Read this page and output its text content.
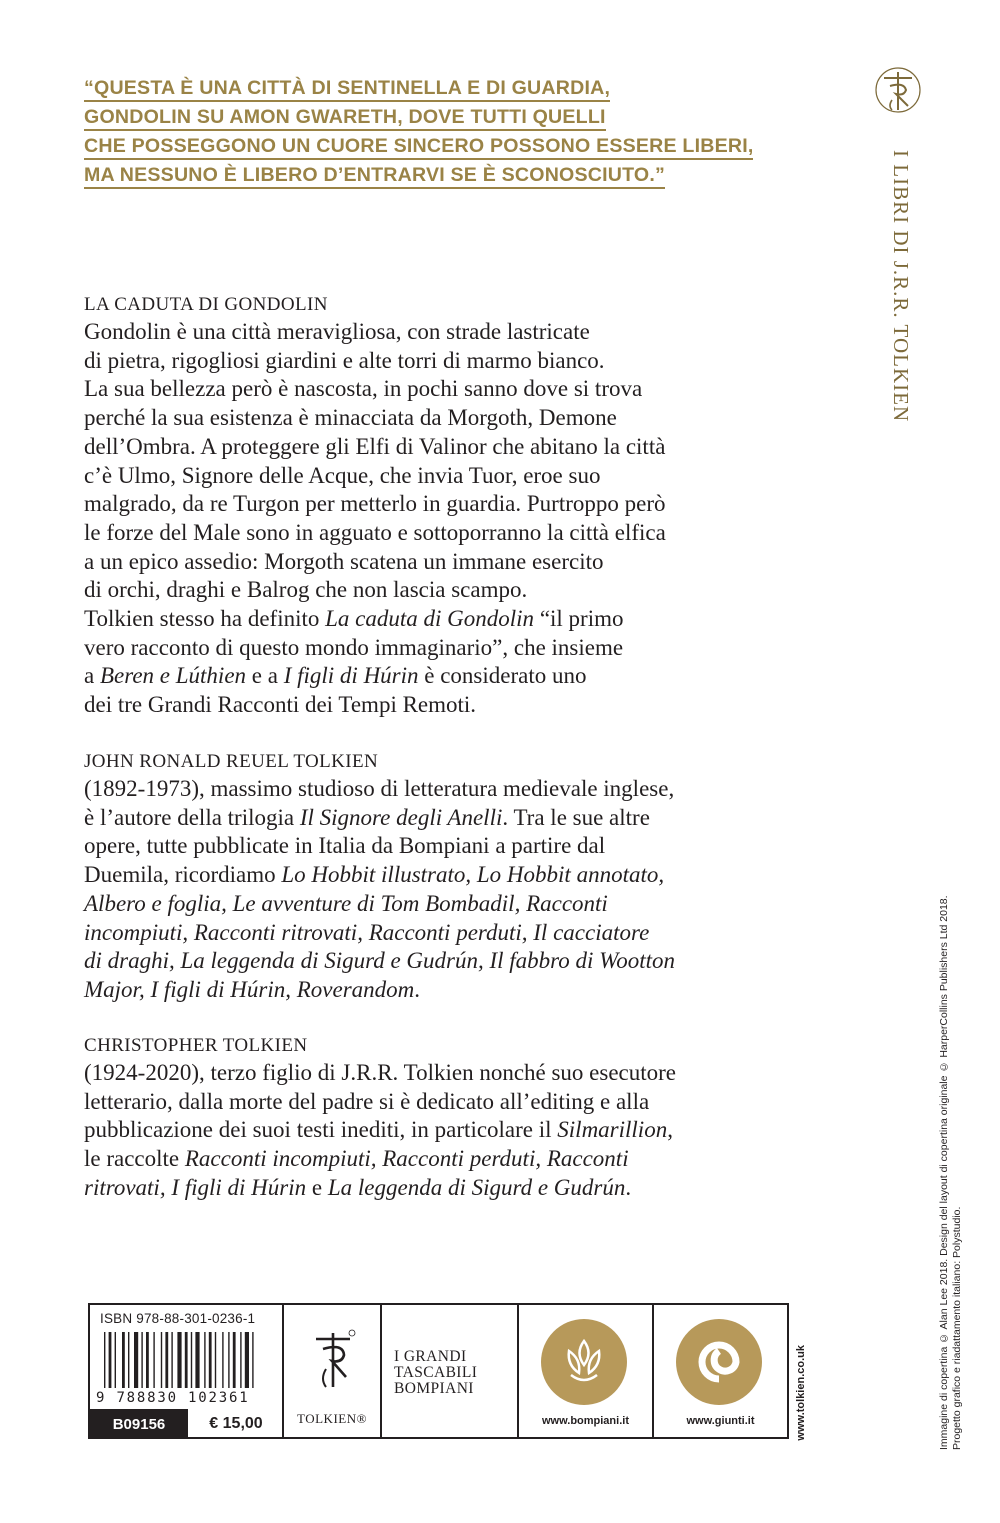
“QUESTA È UNA CITTÀ DI SENTINELLA E DI GUARDIA,
GONDOLIN SU AMON GWARETH, DOVE TUTTI QUELLI
CHE POSSEGGONO UN CUORE SINCERO POSSONO ESSERE LIBERI,
MA NESSUNO È LIBERO D’ENTRARVI SE È SCONOSCIUTO.”	I LIBRI DI J.R.R. TOLKIEN
LA CADUTA DI GONDOLIN
Gondolin è una città meravigliosa, con strade lastricate
di pietra, rigogliosi giardini e alte torri di marmo bianco.
La sua bellezza però è nascosta, in pochi sanno dove si trova
perché la sua esistenza è minacciata da Morgoth, Demone
dell’Ombra. A proteggere gli Elfi di Valinor che abitano la città
c’è Ulmo, Signore delle Acque, che invia Tuor, eroe suo
malgrado, da re Turgon per metterlo in guardia. Purtroppo però
le forze del Male sono in agguato e sottoporranno la città elfica
a un epico assedio: Morgoth scatena un immane esercito
di orchi, draghi e Balrog che non lascia scampo.
Tolkien stesso ha definito La caduta di Gondolin “il primo
vero racconto di questo mondo immaginario”, che insieme
a Beren e Lúthien e a I figli di Húrin è considerato uno
dei tre Grandi Racconti dei Tempi Remoti.
JOHN RONALD REUEL TOLKIEN
(1892-1973), massimo studioso di letteratura medievale inglese,
è l’autore della trilogia Il Signore degli Anelli. Tra le sue altre
opere, tutte pubblicate in Italia da Bompiani a partire dal
Duemila, ricordiamo Lo Hobbit illustrato, Lo Hobbit annotato,
Albero e foglia, Le avventure di Tom Bombadil, Racconti
incompiuti, Racconti ritrovati, Racconti perduti, Il cacciatore
di draghi, La leggenda di Sigurd e Gudrún, Il fabbro di Wootton
Major, I figli di Húrin, Roverandom.
CHRISTOPHER TOLKIEN
(1924-2020), terzo figlio di J.R.R. Tolkien nonché suo esecutore
letterario, dalla morte del padre si è dedicato all’editing e alla
pubblicazione dei suoi testi inediti, in particolare il Silmarillion,
le raccolte Racconti incompiuti, Racconti perduti, Racconti
ritrovati, I figli di Húrin e La leggenda di Sigurd e Gudrún.	Immagine di copertina © Alan Lee 2018. Design del layout di copertina originale © HarperCollins Publishers Ltd 2018. Progetto grafico e riadattamento italiano: Polystudio.
ISBN 978-88-301-0236-1
9 788830 102361
B09156	€ 15,00	TOLKIEN®
I GRANDI
TASCABILI
BOMPIANI
www.bompiani.it	www.giunti.it	www.tolkien.co.uk
